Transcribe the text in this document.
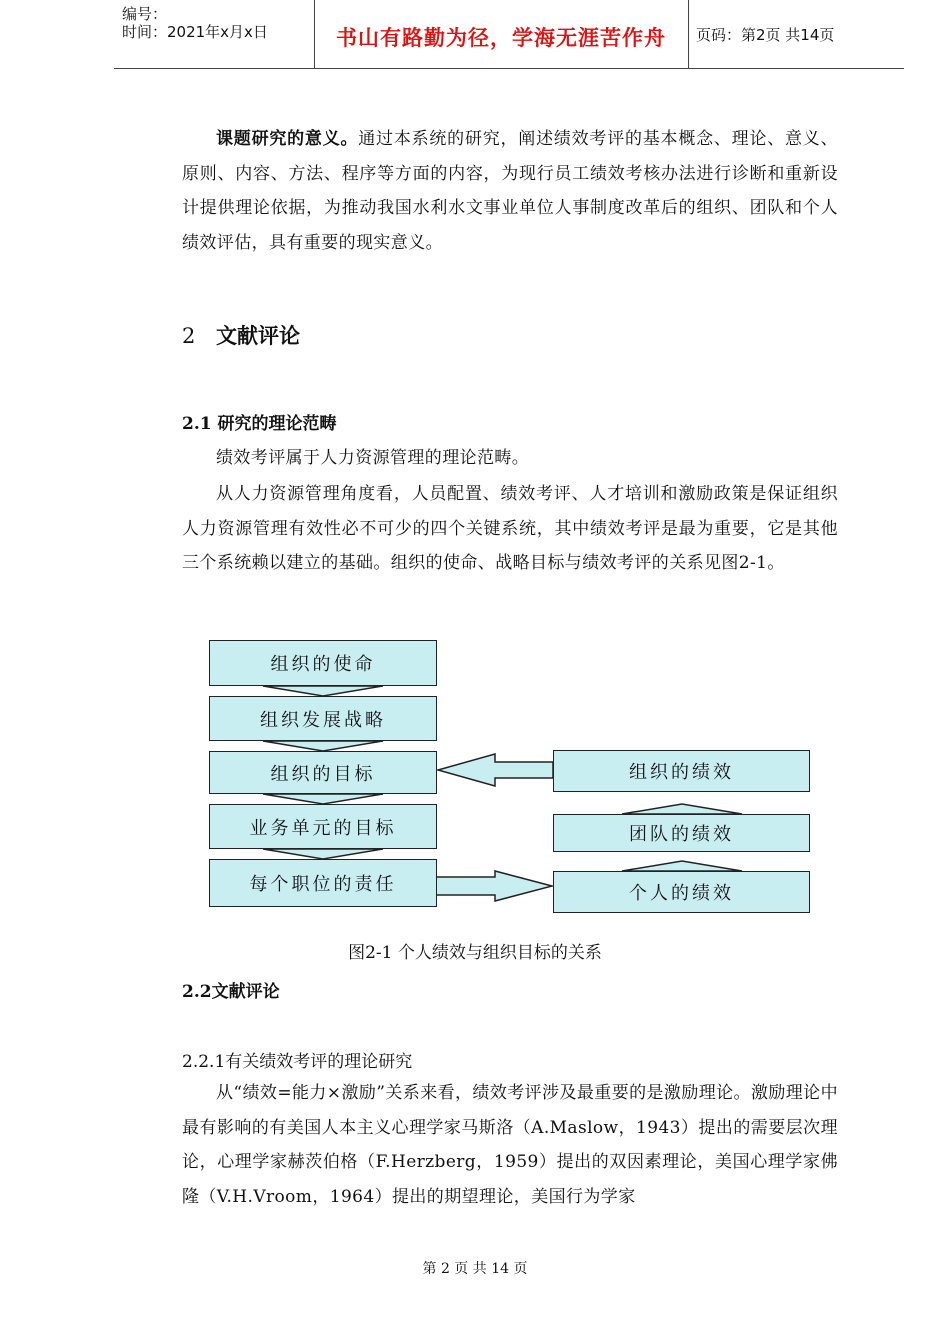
编号：
时间：2021年x月x日	书山有路勤为径，学海无涯苦作舟	页码：第2页 共14页
课题研究的意义。通过本系统的研究，阐述绩效考评的基本概念、理论、意义、原则、内容、方法、程序等方面的内容，为现行员工绩效考核办法进行诊断和重新设计提供理论依据，为推动我国水利水文事业单位人事制度改革后的组织、团队和个人绩效评估，具有重要的现实意义。
2 文献评论
2.1 研究的理论范畴
绩效考评属于人力资源管理的理论范畴。
从人力资源管理角度看，人员配置、绩效考评、人才培训和激励政策是保证组织人力资源管理有效性必不可少的四个关键系统，其中绩效考评是最为重要，它是其他三个系统赖以建立的基础。组织的使命、战略目标与绩效考评的关系见图2-1。
组织的使命
组织发展战略
组织的目标
业务单元的目标
每个职位的责任
组织的绩效
团队的绩效
个人的绩效
图2-1 个人绩效与组织目标的关系
2.2文献评论
2.2.1有关绩效考评的理论研究
从“绩效=能力×激励”关系来看，绩效考评涉及最重要的是激励理论。激励理论中最有影响的有美国人本主义心理学家马斯洛（A.Maslow，1943）提出的需要层次理论，心理学家赫茨伯格（F.Herzberg，1959）提出的双因素理论，美国心理学家佛隆（V.H.Vroom，1964）提出的期望理论，美国行为学家
第 2 页 共 14 页
